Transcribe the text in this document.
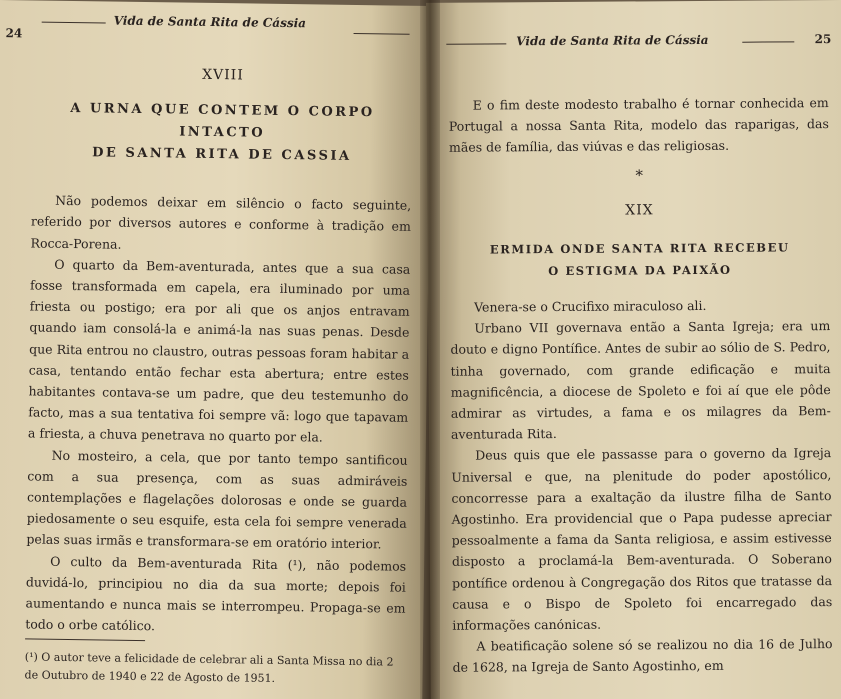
24
Vida de Santa Rita de Cássia

XVIII

A URNA QUE CONTEM O CORPO INTACTO

DE SANTA RITA DE CASSIA

Não podemos deixar em silêncio o facto seguinte, referido por diversos autores e conforme à tradição em Rocca-Porena.

O quarto da Bem-aventurada, antes que a sua casa fosse transformada em capela, era iluminado por uma friesta ou postigo; era por ali que os anjos entravam quando iam consolá-la e animá-la nas suas penas. Desde que Rita entrou no claustro, outras pessoas foram habitar a casa, tentando então fechar esta abertura; entre estes habitantes contava-se um padre, que deu testemunho do facto, mas a sua tentativa foi sempre vã: logo que tapavam a friesta, a chuva penetrava no quarto por ela.

No mosteiro, a cela, que por tanto tempo santificou com a sua presença, com as suas admiráveis contemplações e flagelações dolorosas e onde se guarda piedosamente o seu esquife, esta cela foi sempre venerada pelas suas irmãs e transformara-se em oratório interior.

O culto da Bem-aventurada Rita (¹), não podemos duvidá-lo, principiou no dia da sua morte; depois foi aumentando e nunca mais se interrompeu. Propaga-se em todo o orbe católico.

(¹) O autor teve a felicidade de celebrar ali a Santa Missa no dia 2 de Outubro de 1940 e 22 de Agosto de 1951.
Vida de Santa Rita de Cássia	25

E o fim deste modesto trabalho é tornar conhecida em Portugal a nossa Santa Rita, modelo das raparigas, das mães de família, das viúvas e das religiosas.

*

XIX

ERMIDA ONDE SANTA RITA RECEBEU

O ESTIGMA DA PAIXÃO

Venera-se o Crucifixo miraculoso ali.

Urbano VII governava então a Santa Igreja; era um douto e digno Pontífice. Antes de subir ao sólio de S. Pedro, tinha governado, com grande edificação e muita magnificência, a diocese de Spoleto e foi aí que ele pôde admirar as virtudes, a fama e os milagres da Bem-aventurada Rita.

Deus quis que ele passasse para o governo da Igreja Universal e que, na plenitude do poder apostólico, concorresse para a exaltação da ilustre filha de Santo Agostinho. Era providencial que o Papa pudesse apreciar pessoalmente a fama da Santa religiosa, e assim estivesse disposto a proclamá-la Bem-aventurada. O Soberano pontífice ordenou à Congregação dos Ritos que tratasse da causa e o Bispo de Spoleto foi encarregado das informações canónicas.

A beatificação solene só se realizou no dia 16 de Julho de 1628, na Igreja de Santo Agostinho, em
